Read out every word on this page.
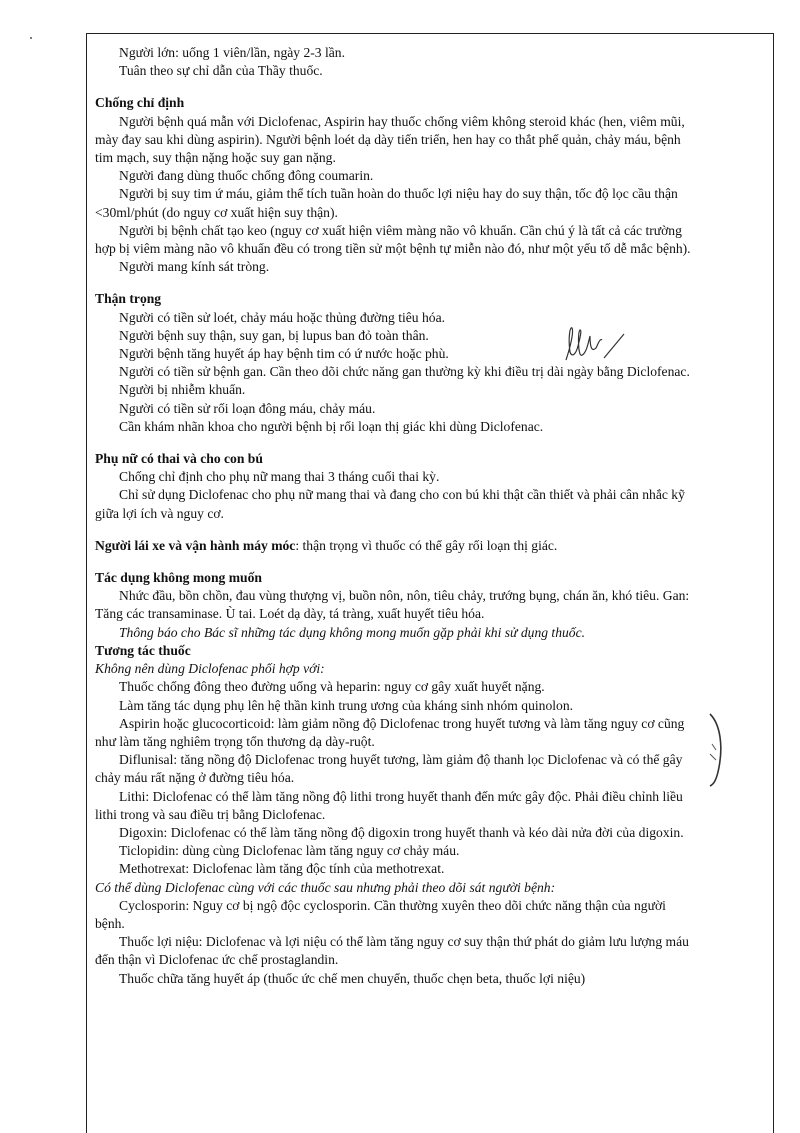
Người lớn: uống 1 viên/lần, ngày 2-3 lần.

Tuân theo sự chỉ dẫn của Thầy thuốc.

Chống chỉ định

Người bệnh quá mẫn với Diclofenac, Aspirin hay thuốc chống viêm không steroid khác (hen, viêm mũi, mày đay sau khi dùng aspirin). Người bệnh loét dạ dày tiến triển, hen hay co thắt phế quản, chảy máu, bệnh tim mạch, suy thận nặng hoặc suy gan nặng.

Người đang dùng thuốc chống đông coumarin.

Người bị suy tim ứ máu, giảm thể tích tuần hoàn do thuốc lợi niệu hay do suy thận, tốc độ lọc cầu thận <30ml/phút (do nguy cơ xuất hiện suy thận).

Người bị bệnh chất tạo keo (nguy cơ xuất hiện viêm màng não vô khuẩn. Cần chú ý là tất cả các trường hợp bị viêm màng não vô khuẩn đều có trong tiền sử một bệnh tự miễn nào đó, như một yếu tố dễ mắc bệnh).

Người mang kính sát tròng.

Thận trọng

Người có tiền sử loét, chảy máu hoặc thủng đường tiêu hóa.

Người bệnh suy thận, suy gan, bị lupus ban đỏ toàn thân.

Người bệnh tăng huyết áp hay bệnh tim có ứ nước hoặc phù.

Người có tiền sử bệnh gan. Cần theo dõi chức năng gan thường kỳ khi điều trị dài ngày bằng Diclofenac.

Người bị nhiễm khuẩn.

Người có tiền sử rối loạn đông máu, chảy máu.

Cần khám nhãn khoa cho người bệnh bị rối loạn thị giác khi dùng Diclofenac.

Phụ nữ có thai và cho con bú

Chống chỉ định cho phụ nữ mang thai 3 tháng cuối thai kỳ.

Chỉ sử dụng Diclofenac cho phụ nữ mang thai và đang cho con bú khi thật cần thiết và phải cân nhắc kỹ giữa lợi ích và nguy cơ.

Người lái xe và vận hành máy móc: thận trọng vì thuốc có thể gây rối loạn thị giác.

Tác dụng không mong muốn

Nhức đầu, bồn chồn, đau vùng thượng vị, buồn nôn, nôn, tiêu chảy, trướng bụng, chán ăn, khó tiêu. Gan: Tăng các transaminase. Ù tai. Loét dạ dày, tá tràng, xuất huyết tiêu hóa.

Thông báo cho Bác sĩ những tác dụng không mong muốn gặp phải khi sử dụng thuốc.

Tương tác thuốc

Không nên dùng Diclofenac phối hợp với:

Thuốc chống đông theo đường uống và heparin: nguy cơ gây xuất huyết nặng.

Làm tăng tác dụng phụ lên hệ thần kinh trung ương của kháng sinh nhóm quinolon.

Aspirin hoặc glucocorticoid: làm giảm nồng độ Diclofenac trong huyết tương và làm tăng nguy cơ cũng như làm tăng nghiêm trọng tổn thương dạ dày-ruột.

Diflunisal: tăng nồng độ Diclofenac trong huyết tương, làm giảm độ thanh lọc Diclofenac và có thể gây chảy máu rất nặng ở đường tiêu hóa.

Lithi: Diclofenac có thể làm tăng nồng độ lithi trong huyết thanh đến mức gây độc. Phải điều chỉnh liều lithi trong và sau điều trị bằng Diclofenac.

Digoxin: Diclofenac có thể làm tăng nồng độ digoxin trong huyết thanh và kéo dài nửa đời của digoxin.

Ticlopidin: dùng cùng Diclofenac làm tăng nguy cơ chảy máu.

Methotrexat: Diclofenac làm tăng độc tính của methotrexat.

Có thể dùng Diclofenac cùng với các thuốc sau nhưng phải theo dõi sát người bệnh:

Cyclosporin: Nguy cơ bị ngộ độc cyclosporin. Cần thường xuyên theo dõi chức năng thận của người bệnh.

Thuốc lợi niệu: Diclofenac và lợi niệu có thể làm tăng nguy cơ suy thận thứ phát do giảm lưu lượng máu đến thận vì Diclofenac ức chế prostaglandin.

Thuốc chữa tăng huyết áp (thuốc ức chế men chuyển, thuốc chẹn beta, thuốc lợi niệu)
